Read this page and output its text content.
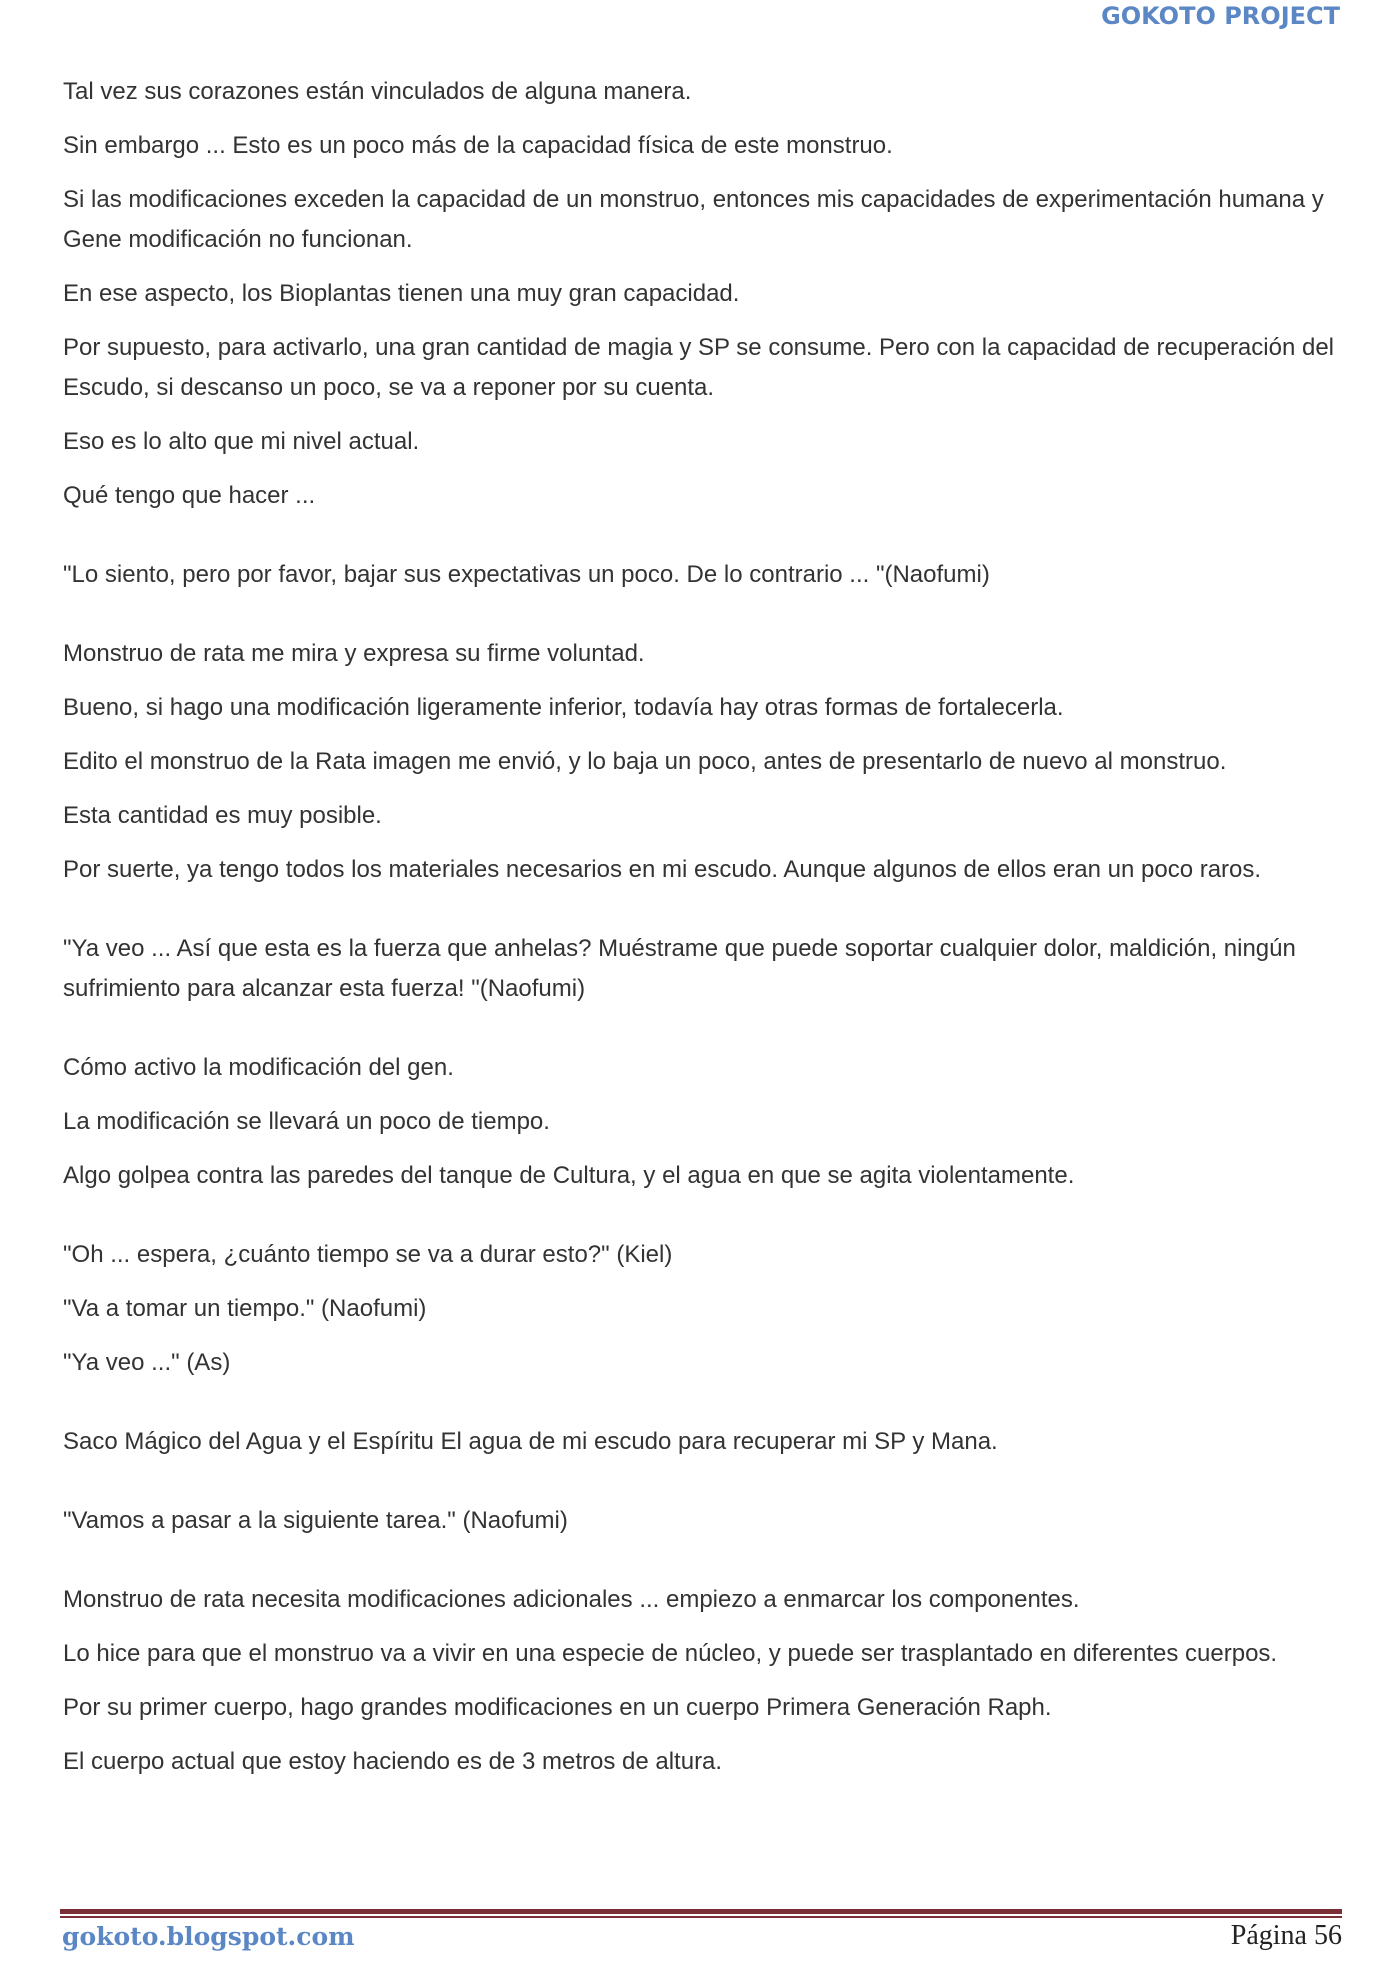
GOKOTO PROJECT

Tal vez sus corazones están vinculados de alguna manera.

Sin embargo ... Esto es un poco más de la capacidad física de este monstruo.

Si las modificaciones exceden la capacidad de un monstruo, entonces mis capacidades de experimentación humana y Gene modificación no funcionan.

En ese aspecto, los Bioplantas tienen una muy gran capacidad.

Por supuesto, para activarlo, una gran cantidad de magia y SP se consume. Pero con la capacidad de recuperación del Escudo, si descanso un poco, se va a reponer por su cuenta.

Eso es lo alto que mi nivel actual.

Qué tengo que hacer ...

"Lo siento, pero por favor, bajar sus expectativas un poco. De lo contrario ... "(Naofumi)

Monstruo de rata me mira y expresa su firme voluntad.

Bueno, si hago una modificación ligeramente inferior, todavía hay otras formas de fortalecerla.

Edito el monstruo de la Rata imagen me envió, y lo baja un poco, antes de presentarlo de nuevo al monstruo.

Esta cantidad es muy posible.

Por suerte, ya tengo todos los materiales necesarios en mi escudo. Aunque algunos de ellos eran un poco raros.

"Ya veo ... Así que esta es la fuerza que anhelas? Muéstrame que puede soportar cualquier dolor, maldición, ningún sufrimiento para alcanzar esta fuerza! "(Naofumi)

Cómo activo la modificación del gen.

La modificación se llevará un poco de tiempo.

Algo golpea contra las paredes del tanque de Cultura, y el agua en que se agita violentamente.

"Oh ... espera, ¿cuánto tiempo se va a durar esto?" (Kiel)

"Va a tomar un tiempo." (Naofumi)

"Ya veo ..." (As)

Saco Mágico del Agua y el Espíritu El agua de mi escudo para recuperar mi SP y Mana.

"Vamos a pasar a la siguiente tarea." (Naofumi)

Monstruo de rata necesita modificaciones adicionales ... empiezo a enmarcar los componentes.

Lo hice para que el monstruo va a vivir en una especie de núcleo, y puede ser trasplantado en diferentes cuerpos.

Por su primer cuerpo, hago grandes modificaciones en un cuerpo Primera Generación Raph.

El cuerpo actual que estoy haciendo es de 3 metros de altura.

gokoto.blogspot.com	Página 56
